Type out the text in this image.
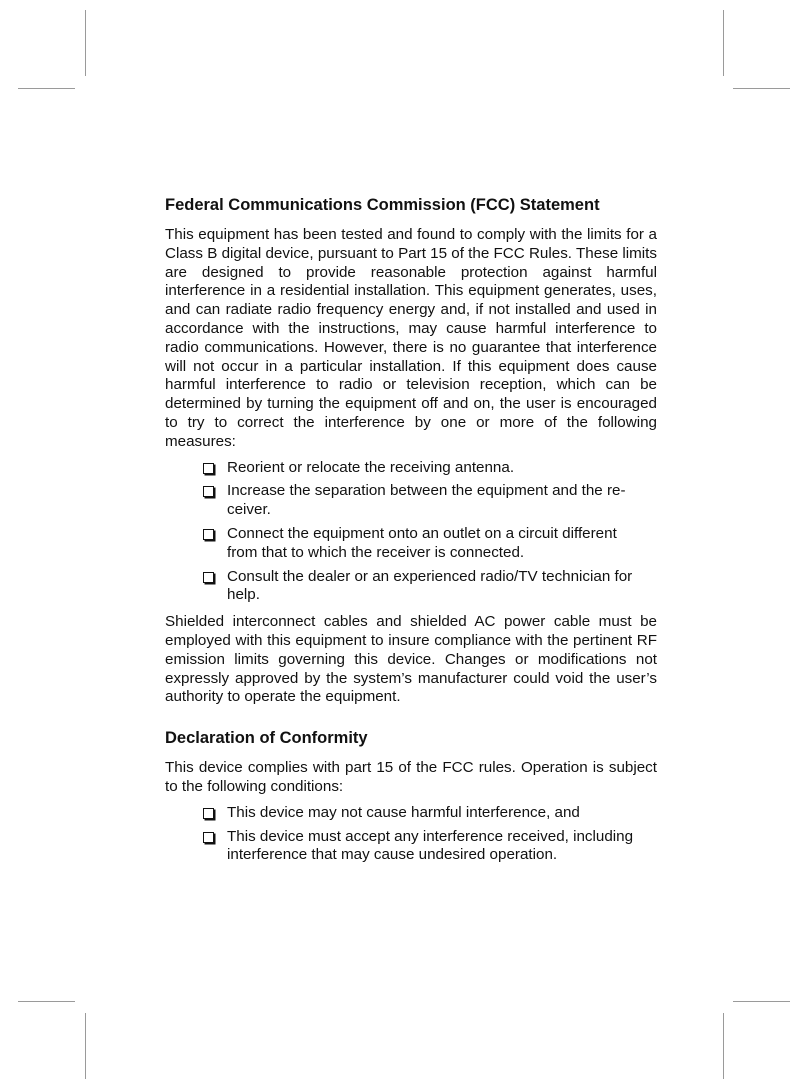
Federal Communications Commission (FCC) Statement

This equipment has been tested and found to comply with the limits for a Class B digital device, pursuant to Part 15 of the FCC Rules. These limits are designed to provide reasonable protection against harmful interference in a residential installation. This equipment generates, uses, and can radiate radio frequency energy and, if not installed and used in accordance with the instructions, may cause harmful interference to radio communications. However, there is no guarantee that interference will not occur in a particular installation. If this equipment does cause harmful interference to radio or television reception, which can be determined by turning the equipment off and on, the user is encouraged to try to correct the interference by one or more of the following measures:

Reorient or relocate the receiving antenna.
Increase the separation between the equipment and the receiver.
Connect the equipment onto an outlet on a circuit different from that to which the receiver is connected.
Consult the dealer or an experienced radio/TV technician for help.

Shielded interconnect cables and shielded AC power cable must be employed with this equipment to insure compliance with the pertinent RF emission limits governing this device. Changes or modifications not expressly approved by the system’s manufacturer could void the user’s authority to operate the equipment.

Declaration of Conformity

This device complies with part 15 of the FCC rules. Operation is subject to the following conditions:

This device may not cause harmful interference, and
This device must accept any interference received, including interference that may cause undesired operation.
